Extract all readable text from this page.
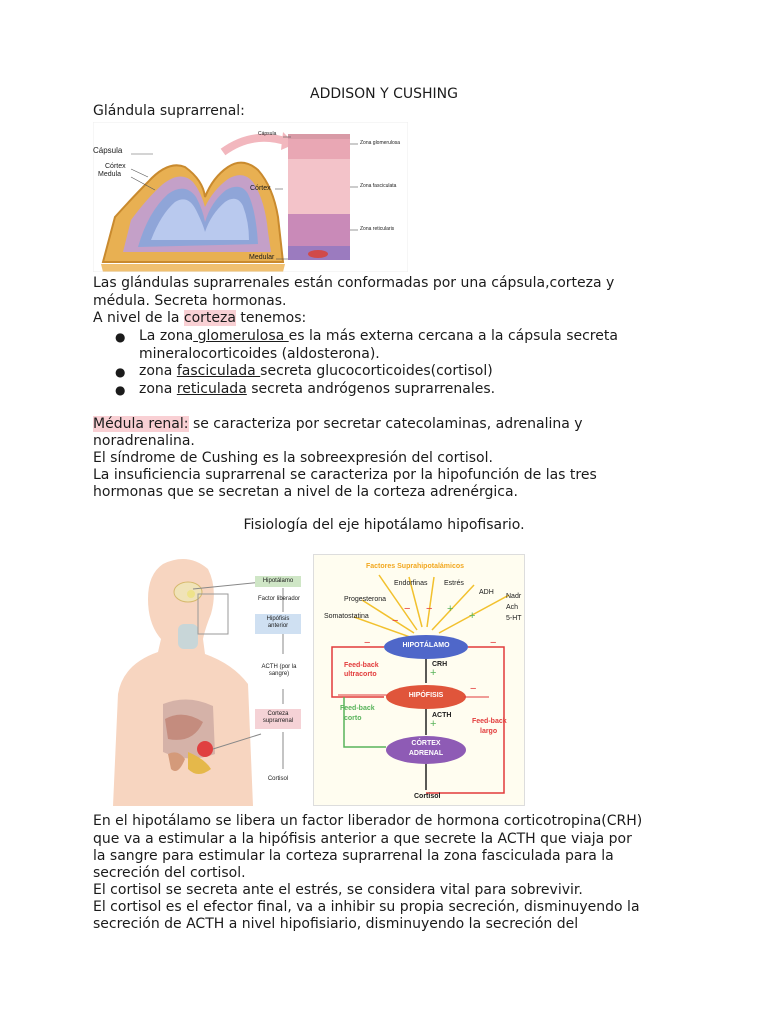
ADDISON Y CUSHING
Glándula suprarrenal:
Cápsula
Córtex
Medula
Córtex
Medular
Cápsula
Zona glomerulosa
Zona fasciculata
Zona reticularis
Las glándulas suprarrenales están conformadas por una cápsula,corteza y
médula. Secreta hormonas.
A nivel de la corteza tenemos:
● La zona glomerulosa es la más externa cercana a la cápsula secreta
mineralocorticoides (aldosterona).
● zona fasciculada secreta glucocorticoides(cortisol)
● zona reticulada secreta andrógenos suprarrenales.
Médula renal: se caracteriza por secretar catecolaminas, adrenalina y
noradrenalina.
El síndrome de Cushing es la sobreexpresión del cortisol.
La insuficiencia suprarrenal se caracteriza por la hipofunción de las tres
hormonas que se secretan a nivel de la corteza adrenérgica.
Fisiología del eje hipotálamo hipofisario.
Hipotálamo
Factor liberador
Hipófisis anterior
ACTH (por la sangre)
Corteza suprarrenal
Cortisol
Factores Suprahipotalámicos
Endorfinas Estrés
ADH
Nadr
Ach
5-HT
Progesterona
Somatostatina
HIPOTÁLAMO
CRH
HIPÓFISIS
ACTH
CÓRTEX
ADRENAL
Cortisol
Feed-back
ultracorto
Feed-back
corto	Feed-back
largo
− − +
+
−
+
+
−	−
−
En el hipotálamo se libera un factor liberador de hormona corticotropina(CRH)
que va a estimular a la hipófisis anterior a que secrete la ACTH que viaja por
la sangre para estimular la corteza suprarrenal la zona fasciculada para la
secreción del cortisol.
El cortisol se secreta ante el estrés, se considera vital para sobrevivir.
El cortisol es el efector final, va a inhibir su propia secreción, disminuyendo la
secreción de ACTH a nivel hipofisiario, disminuyendo la secreción del
